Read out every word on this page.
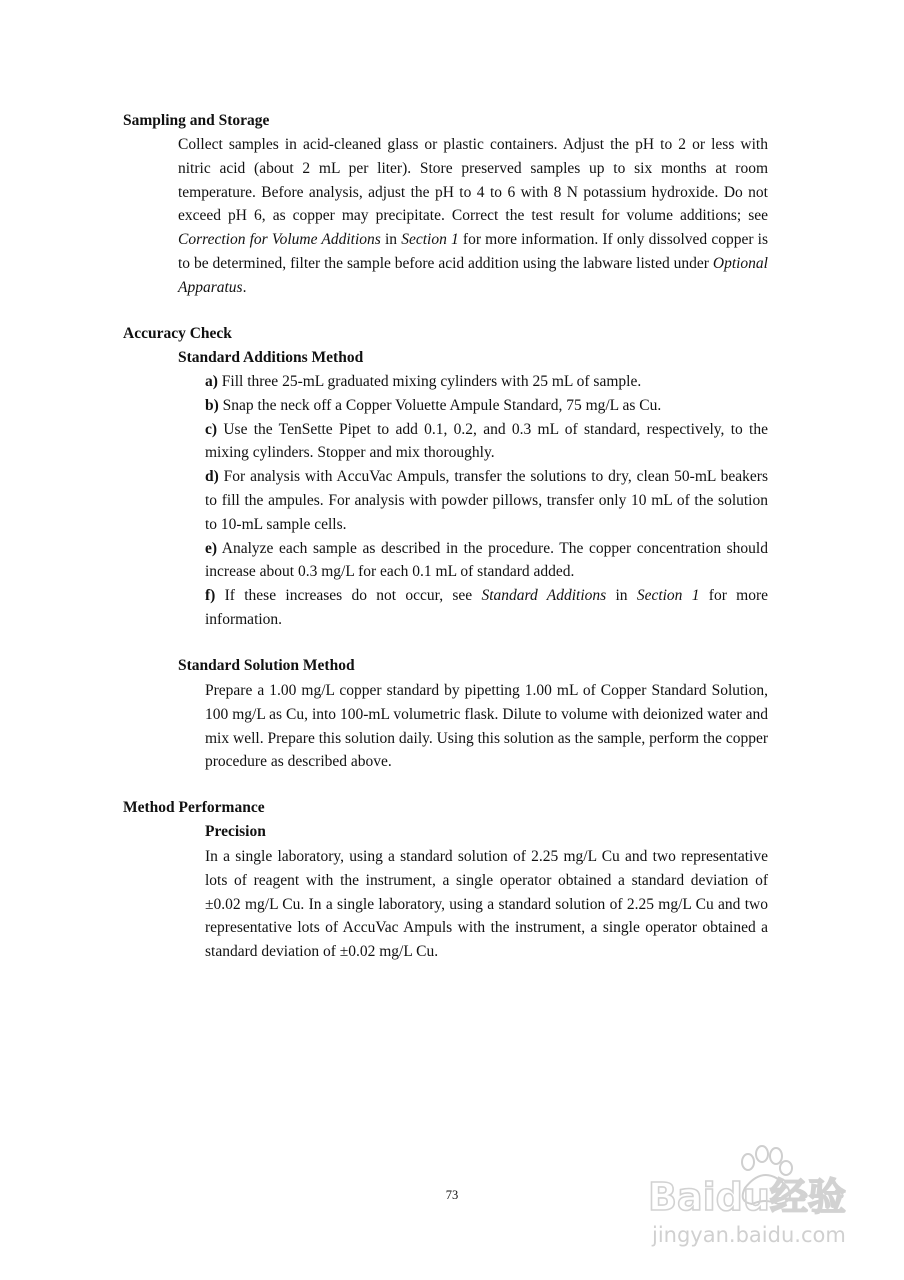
Sampling and Storage
Collect samples in acid-cleaned glass or plastic containers. Adjust the pH to 2 or less with nitric acid (about 2 mL per liter). Store preserved samples up to six months at room temperature. Before analysis, adjust the pH to 4 to 6 with 8 N potassium hydroxide. Do not exceed pH 6, as copper may precipitate. Correct the test result for volume additions; see Correction for Volume Additions in Section 1 for more information. If only dissolved copper is to be determined, filter the sample before acid addition using the labware listed under Optional Apparatus.
Accuracy Check
Standard Additions Method

a) Fill three 25-mL graduated mixing cylinders with 25 mL of sample.

b) Snap the neck off a Copper Voluette Ampule Standard, 75 mg/L as Cu.

c) Use the TenSette Pipet to add 0.1, 0.2, and 0.3 mL of standard, respectively, to the mixing cylinders. Stopper and mix thoroughly.

d) For analysis with AccuVac Ampuls, transfer the solutions to dry, clean 50-mL beakers to fill the ampules. For analysis with powder pillows, transfer only 10 mL of the solution to 10-mL sample cells.

e) Analyze each sample as described in the procedure. The copper concentration should increase about 0.3 mg/L for each 0.1 mL of standard added.

f) If these increases do not occur, see Standard Additions in Section 1 for more information.

Standard Solution Method
Prepare a 1.00 mg/L copper standard by pipetting 1.00 mL of Copper Standard Solution, 100 mg/L as Cu, into 100-mL volumetric flask. Dilute to volume with deionized water and mix well. Prepare this solution daily. Using this solution as the sample, perform the copper procedure as described above.
Method Performance
Precision
In a single laboratory, using a standard solution of 2.25 mg/L Cu and two representative lots of reagent with the instrument, a single operator obtained a standard deviation of ±0.02 mg/L Cu. In a single laboratory, using a standard solution of 2.25 mg/L Cu and two representative lots of AccuVac Ampuls with the instrument, a single operator obtained a standard deviation of ±0.02 mg/L Cu.
73	Baidu经验
jingyan.baidu.com
